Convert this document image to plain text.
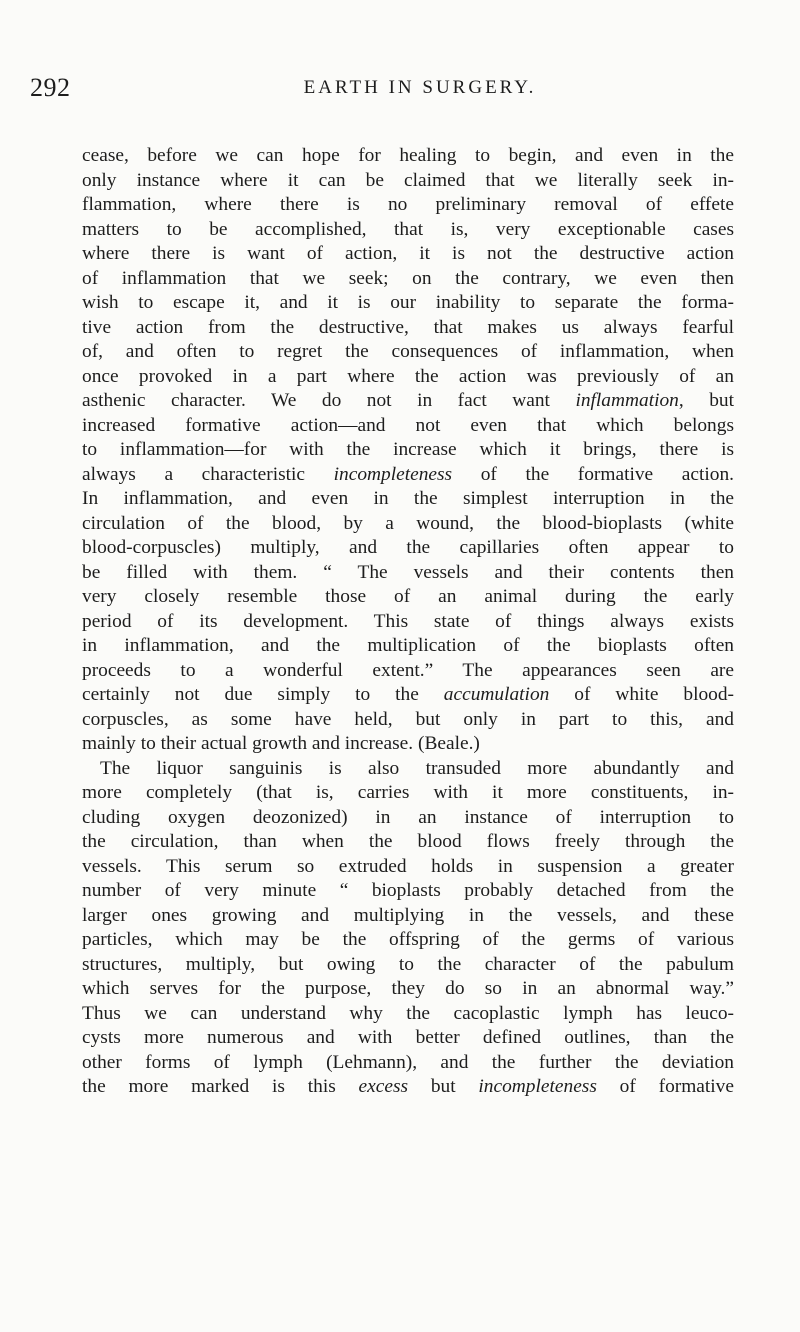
292	EARTH IN SURGERY.
cease, before we can hope for healing to begin, and even in the
only instance where it can be claimed that we literally seek in-
flammation, where there is no preliminary removal of effete
matters to be accomplished, that is, very exceptionable cases
where there is want of action, it is not the destructive action
of inflammation that we seek; on the contrary, we even then
wish to escape it, and it is our inability to separate the forma-
tive action from the destructive, that makes us always fearful
of, and often to regret the consequences of inflammation, when
once provoked in a part where the action was previously of an
asthenic character. We do not in fact want inflammation, but
increased formative action—and not even that which belongs
to inflammation—for with the increase which it brings, there is
always a characteristic incompleteness of the formative action.
In inflammation, and even in the simplest interruption in the
circulation of the blood, by a wound, the blood-bioplasts (white
blood-corpuscles) multiply, and the capillaries often appear to
be filled with them. “ The vessels and their contents then
very closely resemble those of an animal during the early
period of its development. This state of things always exists
in inflammation, and the multiplication of the bioplasts often
proceeds to a wonderful extent.” The appearances seen are
certainly not due simply to the accumulation of white blood-
corpuscles, as some have held, but only in part to this, and
mainly to their actual growth and increase. (Beale.)
The liquor sanguinis is also transuded more abundantly and
more completely (that is, carries with it more constituents, in-
cluding oxygen deozonized) in an instance of interruption to
the circulation, than when the blood flows freely through the
vessels. This serum so extruded holds in suspension a greater
number of very minute “ bioplasts probably detached from the
larger ones growing and multiplying in the vessels, and these
particles, which may be the offspring of the germs of various
structures, multiply, but owing to the character of the pabulum
which serves for the purpose, they do so in an abnormal way.”
Thus we can understand why the cacoplastic lymph has leuco-
cysts more numerous and with better defined outlines, than the
other forms of lymph (Lehmann), and the further the deviation
the more marked is this excess but incompleteness of formative
